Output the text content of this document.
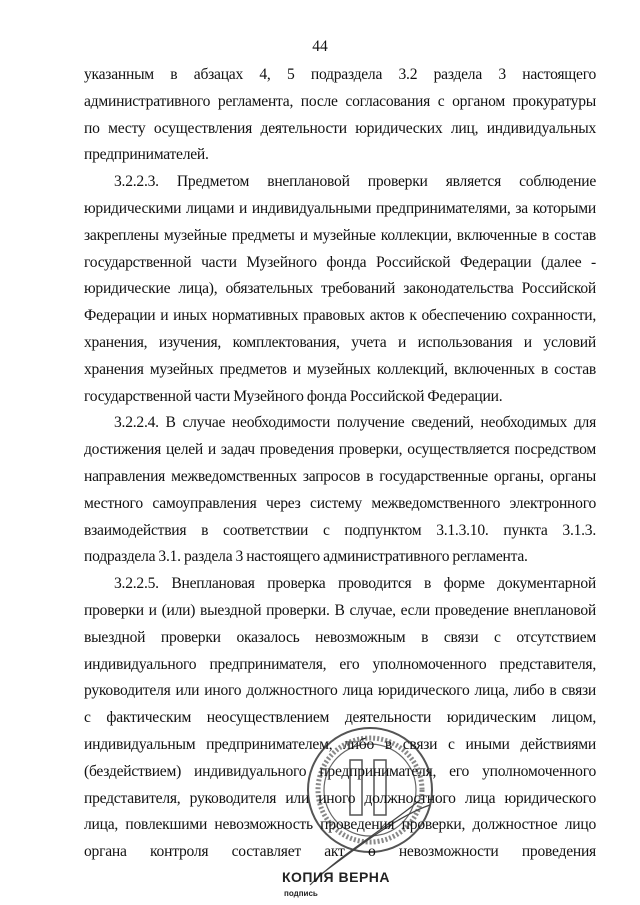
44
указанным в абзацах 4, 5 подраздела 3.2 раздела 3 настоящего
административного регламента, после согласования с органом прокуратуры
по месту осуществления деятельности юридических лиц, индивидуальных
предпринимателей.
3.2.2.3. Предметом внеплановой проверки является соблюдение
юридическими лицами и индивидуальными предпринимателями, за которыми
закреплены музейные предметы и музейные коллекции, включенные в состав
государственной части Музейного фонда Российской Федерации (далее -
юридические лица), обязательных требований законодательства Российской
Федерации и иных нормативных правовых актов к обеспечению сохранности,
хранения, изучения, комплектования, учета и использования и условий
хранения музейных предметов и музейных коллекций, включенных в состав
государственной части Музейного фонда Российской Федерации.
3.2.2.4. В случае необходимости получение сведений, необходимых для
достижения целей и задач проведения проверки, осуществляется посредством
направления межведомственных запросов в государственные органы, органы
местного самоуправления через систему межведомственного электронного
взаимодействия в соответствии с подпунктом 3.1.3.10. пункта 3.1.3.
подраздела 3.1. раздела 3 настоящего административного регламента.
3.2.2.5. Внеплановая проверка проводится в форме документарной
проверки и (или) выездной проверки. В случае, если проведение внеплановой
выездной проверки оказалось невозможным в связи с отсутствием
индивидуального предпринимателя, его уполномоченного представителя,
руководителя или иного должностного лица юридического лица, либо в связи
с фактическим неосуществлением деятельности юридическим лицом,
индивидуальным предпринимателем, либо в связи с иными действиями
(бездействием) индивидуального предпринимателя, его уполномоченного
представителя, руководителя или иного должностного лица юридического
лица, повлекшими невозможность проведения проверки, должностное лицо
органа контроля составляет акт о невозможности проведения
КОПИЯ ВЕРНА
подпись
